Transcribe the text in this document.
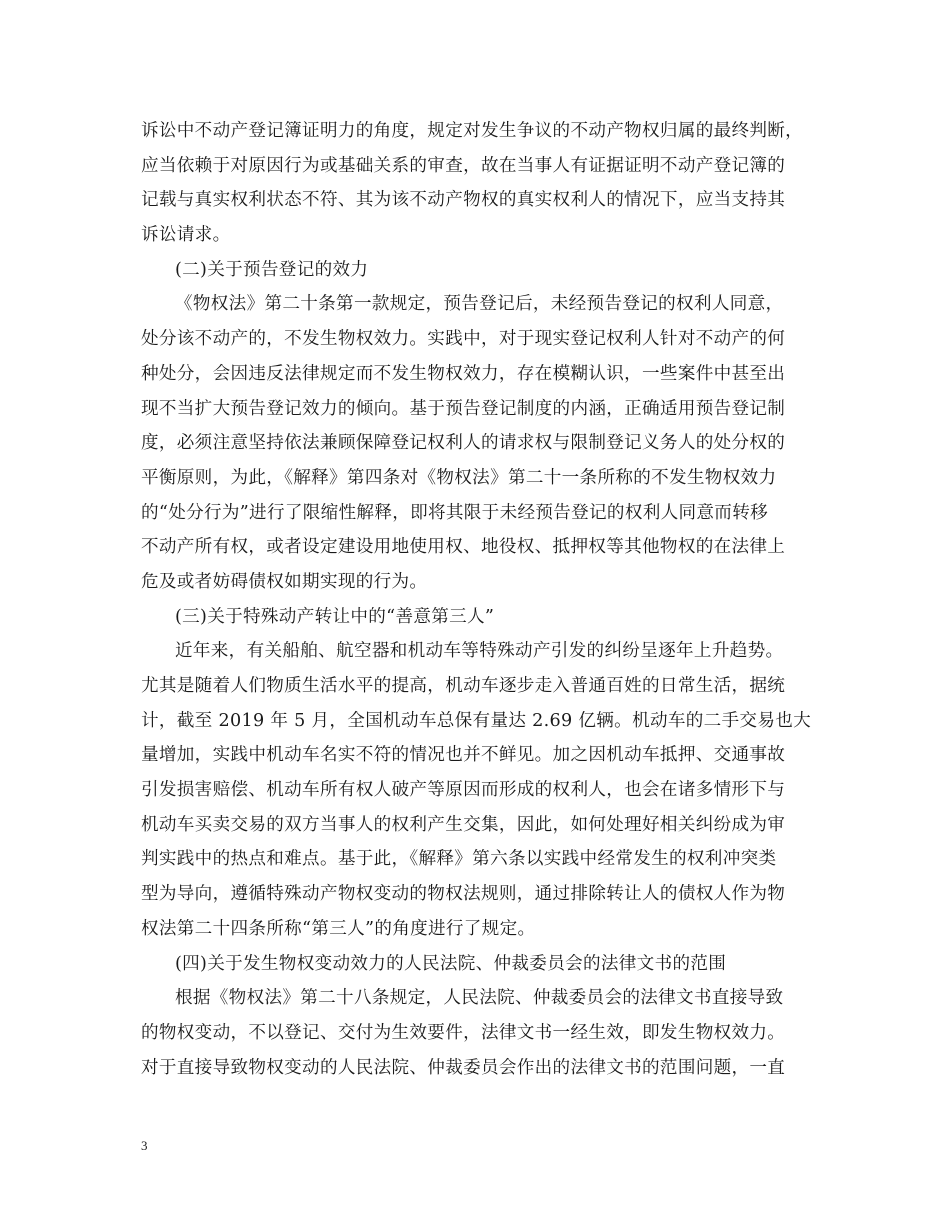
诉讼中不动产登记簿证明力的角度，规定对发生争议的不动产物权归属的最终判断，
应当依赖于对原因行为或基础关系的审查，故在当事人有证据证明不动产登记簿的
记载与真实权利状态不符、其为该不动产物权的真实权利人的情况下，应当支持其
诉讼请求。
(二)关于预告登记的效力
《物权法》第二十条第一款规定，预告登记后，未经预告登记的权利人同意，
处分该不动产的，不发生物权效力。实践中，对于现实登记权利人针对不动产的何
种处分，会因违反法律规定而不发生物权效力，存在模糊认识，一些案件中甚至出
现不当扩大预告登记效力的倾向。基于预告登记制度的内涵，正确适用预告登记制
度，必须注意坚持依法兼顾保障登记权利人的请求权与限制登记义务人的处分权的
平衡原则，为此，《解释》第四条对《物权法》第二十一条所称的不发生物权效力
的“处分行为”进行了限缩性解释，即将其限于未经预告登记的权利人同意而转移
不动产所有权，或者设定建设用地使用权、地役权、抵押权等其他物权的在法律上
危及或者妨碍债权如期实现的行为。
(三)关于特殊动产转让中的“善意第三人”
近年来，有关船舶、航空器和机动车等特殊动产引发的纠纷呈逐年上升趋势。
尤其是随着人们物质生活水平的提高，机动车逐步走入普通百姓的日常生活，据统
计，截至 2019 年 5 月，全国机动车总保有量达 2.69 亿辆。机动车的二手交易也大
量增加，实践中机动车名实不符的情况也并不鲜见。加之因机动车抵押、交通事故
引发损害赔偿、机动车所有权人破产等原因而形成的权利人，也会在诸多情形下与
机动车买卖交易的双方当事人的权利产生交集，因此，如何处理好相关纠纷成为审
判实践中的热点和难点。基于此，《解释》第六条以实践中经常发生的权利冲突类
型为导向，遵循特殊动产物权变动的物权法规则，通过排除转让人的债权人作为物
权法第二十四条所称“第三人”的角度进行了规定。
(四)关于发生物权变动效力的人民法院、仲裁委员会的法律文书的范围
根据《物权法》第二十八条规定，人民法院、仲裁委员会的法律文书直接导致
的物权变动，不以登记、交付为生效要件，法律文书一经生效，即发生物权效力。
对于直接导致物权变动的人民法院、仲裁委员会作出的法律文书的范围问题，一直
3
